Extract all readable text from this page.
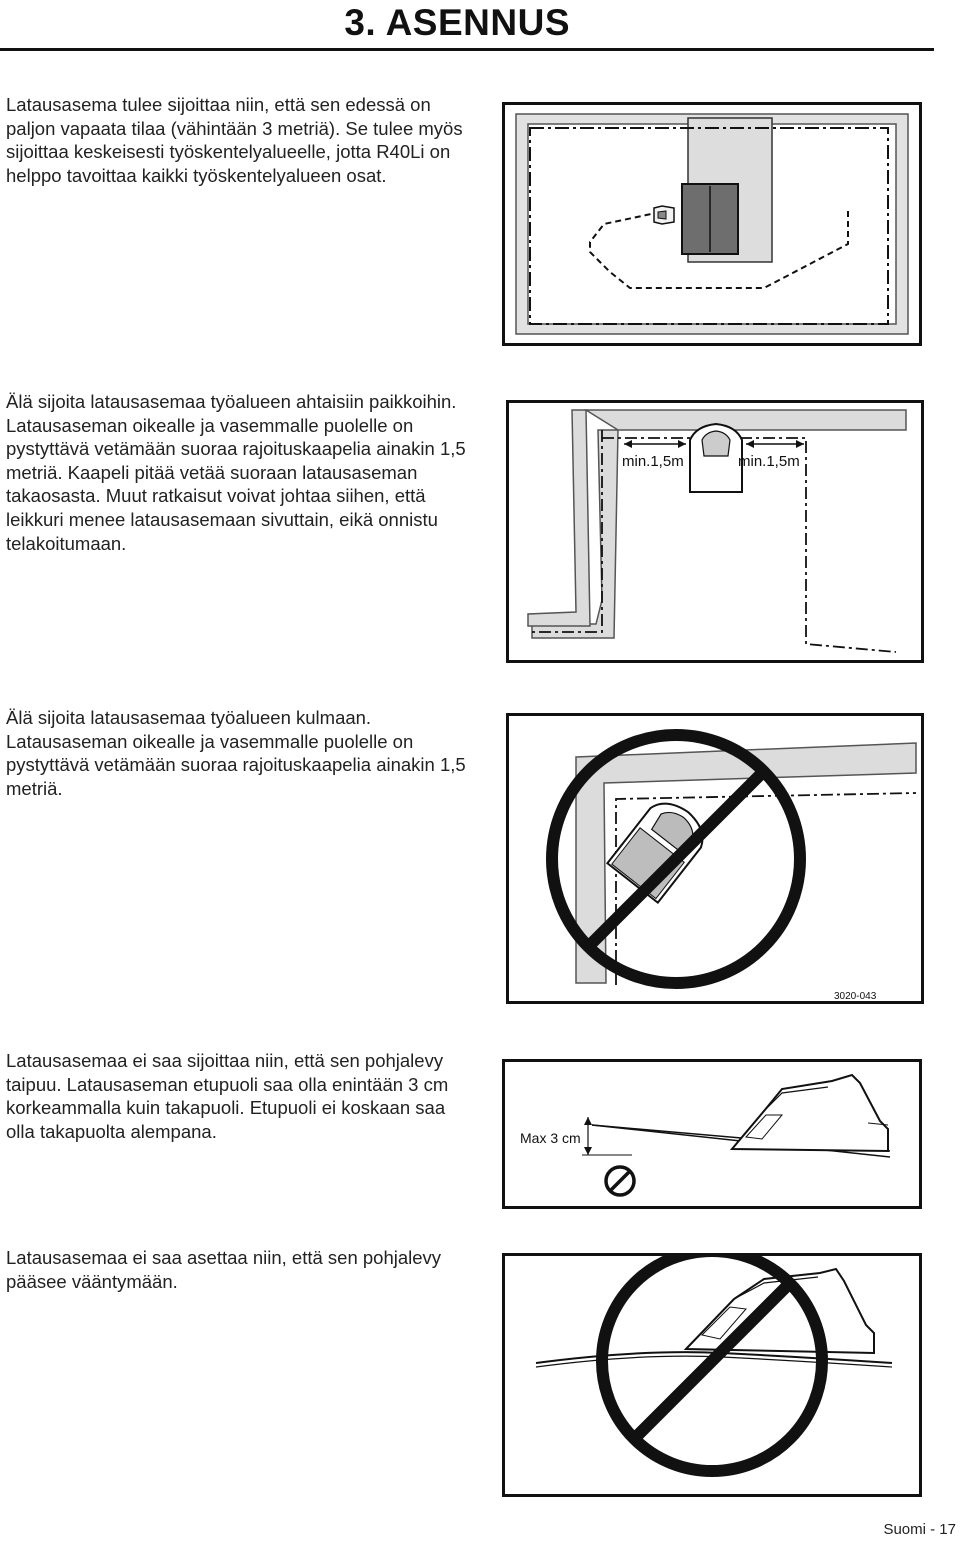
3. ASENNUS

Latausasema tulee sijoittaa niin, että sen edessä on paljon vapaata tilaa (vähintään 3 metriä). Se tulee myös sijoittaa keskeisesti työskentelyalueelle, jotta R40Li on helppo tavoittaa kaikki työskentelyalueen osat.

Älä sijoita latausasemaa työalueen ahtaisiin paikkoihin. Latausaseman oikealle ja vasemmalle puolelle on pystyttävä vetämään suoraa rajoituskaapelia ainakin 1,5 metriä. Kaapeli pitää vetää suoraan latausaseman takaosasta. Muut ratkaisut voivat johtaa siihen, että leikkuri menee latausasemaan sivuttain, eikä onnistu telakoitumaan.

min.1,5m	min.1,5m

Älä sijoita latausasemaa työalueen kulmaan. Latausaseman oikealle ja vasemmalle puolelle on pystyttävä vetämään suoraa rajoituskaapelia ainakin 1,5 metriä.

3020-043

Latausasemaa ei saa sijoittaa niin, että sen pohjalevy taipuu. Latausaseman etupuoli saa olla enintään 3 cm korkeammalla kuin takapuoli. Etupuoli ei koskaan saa olla takapuolta alempana.	Max 3 cm

Latausasemaa ei saa asettaa niin, että sen pohjalevy pääsee vääntymään.

Suomi - 17
